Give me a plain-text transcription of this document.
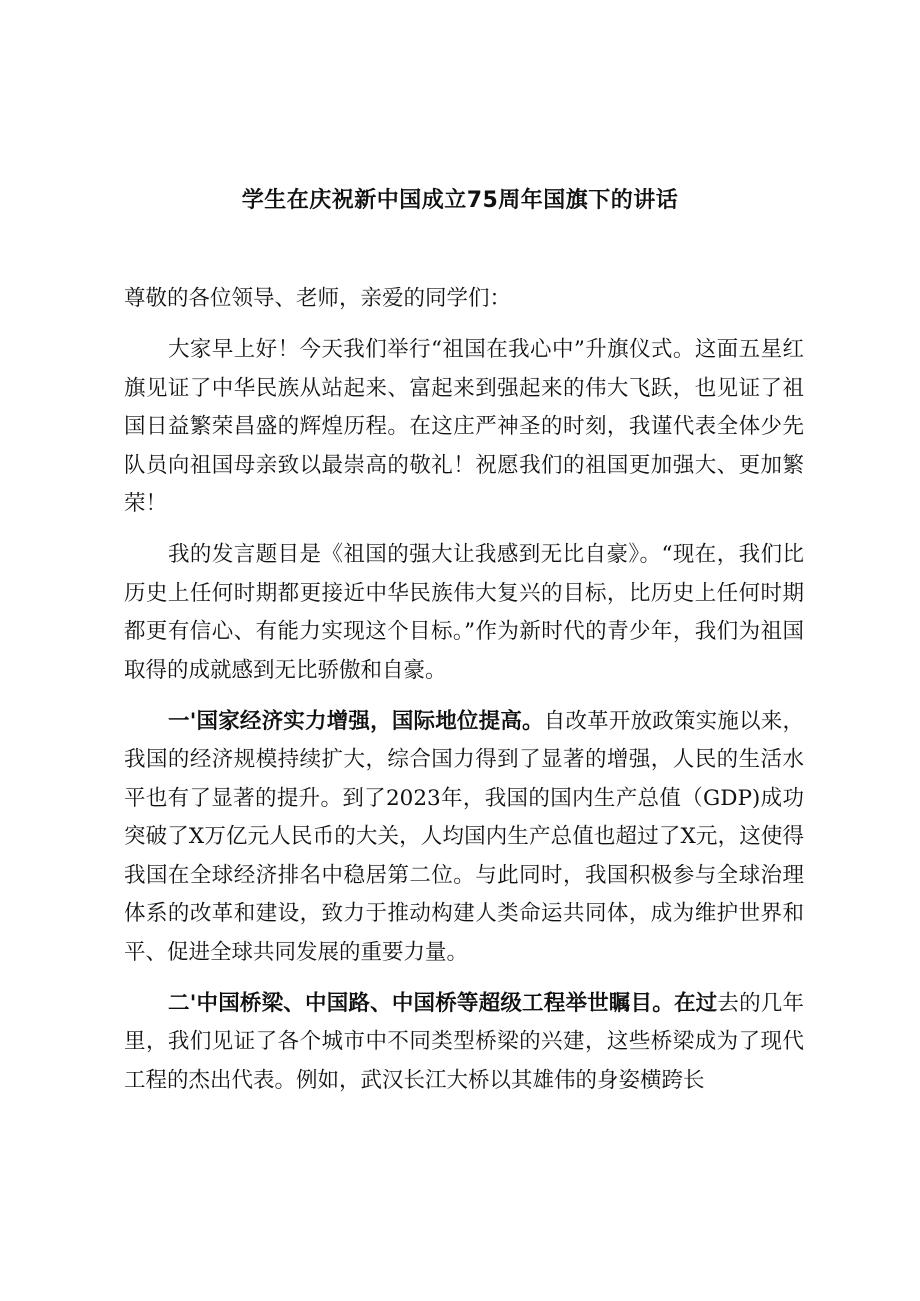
学生在庆祝新中国成立75周年国旗下的讲话

尊敬的各位领导、老师，亲爱的同学们：

大家早上好！今天我们举行“祖国在我心中”升旗仪式。这面五星红旗见证了中华民族从站起来、富起来到强起来的伟大飞跃，也见证了祖国日益繁荣昌盛的辉煌历程。在这庄严神圣的时刻，我谨代表全体少先队员向祖国母亲致以最崇高的敬礼！祝愿我们的祖国更加强大、更加繁荣！

我的发言题目是《祖国的强大让我感到无比自豪》。“现在，我们比历史上任何时期都更接近中华民族伟大复兴的目标，比历史上任何时期都更有信心、有能力实现这个目标。”作为新时代的青少年，我们为祖国取得的成就感到无比骄傲和自豪。

一'国家经济实力增强，国际地位提高。自改革开放政策实施以来，我国的经济规模持续扩大，综合国力得到了显著的增强，人民的生活水平也有了显著的提升。到了2023年，我国的国内生产总值（GDP)成功突破了X万亿元人民币的大关，人均国内生产总值也超过了X元，这使得我国在全球经济排名中稳居第二位。与此同时，我国积极参与全球治理体系的改革和建设，致力于推动构建人类命运共同体，成为维护世界和平、促进全球共同发展的重要力量。

二'中国桥梁、中国路、中国桥等超级工程举世瞩目。在过去的几年里，我们见证了各个城市中不同类型桥梁的兴建，这些桥梁成为了现代工程的杰出代表。例如，武汉长江大桥以其雄伟的身姿横跨长
